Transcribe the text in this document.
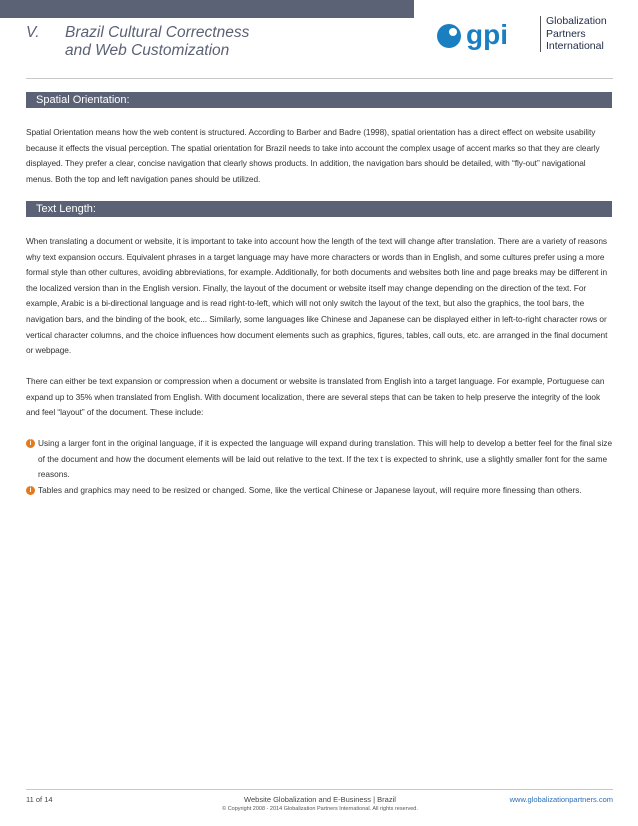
V. Brazil Cultural Correctness
and Web Customization
gpi	Globalization
Partners
International
Spatial Orientation:

Spatial Orientation means how the web content is structured. According to Barber and Badre (1998), spatial orientation has a direct effect on website usability because it effects the visual perception. The spatial orientation for Brazil needs to take into account the complex usage of accent marks so that they are clearly displayed. They prefer a clear, concise navigation that clearly shows products. In addition, the navigation bars should be detailed, with “fly-out” navigational menus. Both the top and left navigation panes should be utilized.

Text Length:

When translating a document or website, it is important to take into account how the length of the text will change after translation. There are a variety of reasons why text expansion occurs. Equivalent phrases in a target language may have more characters or words than in English, and some cultures prefer using a more formal style than other cultures, avoiding abbreviations, for example. Additionally, for both documents and websites both line and page breaks may be different in the localized version than in the English version. Finally, the layout of the document or website itself may change depending on the direction of the text. For example, Arabic is a bi-directional language and is read right-to-left, which will not only switch the layout of the text, but also the graphics, the tool bars, the navigation bars, and the binding of the book, etc... Similarly, some languages like Chinese and Japanese can be displayed either in left-to-right character rows or vertical character columns, and the choice influences how document elements such as graphics, figures, tables, call outs, etc. are arranged in the final document or webpage.

There can either be text expansion or compression when a document or website is translated from English into a target language. For example, Portuguese can expand up to 35% when translated from English. With document localization, there are several steps that can be taken to help preserve the integrity of the look and feel “layout” of the document. These include:

i Using a larger font in the original language, if it is expected the language will expand during translation. This will help to develop a better feel for the final size of the document and how the document elements will be laid out relative to the text. If the tex t is expected to shrink, use a slightly smaller font for the same reasons.
i Tables and graphics may need to be resized or changed. Some, like the vertical Chinese or Japanese layout, will require more finessing than others.
11 of 14	Website Globalization and E-Business | Brazil
© Copyright 2008 - 2014 Globalization Partners International. All rights reserved.
www.globalizationpartners.com
